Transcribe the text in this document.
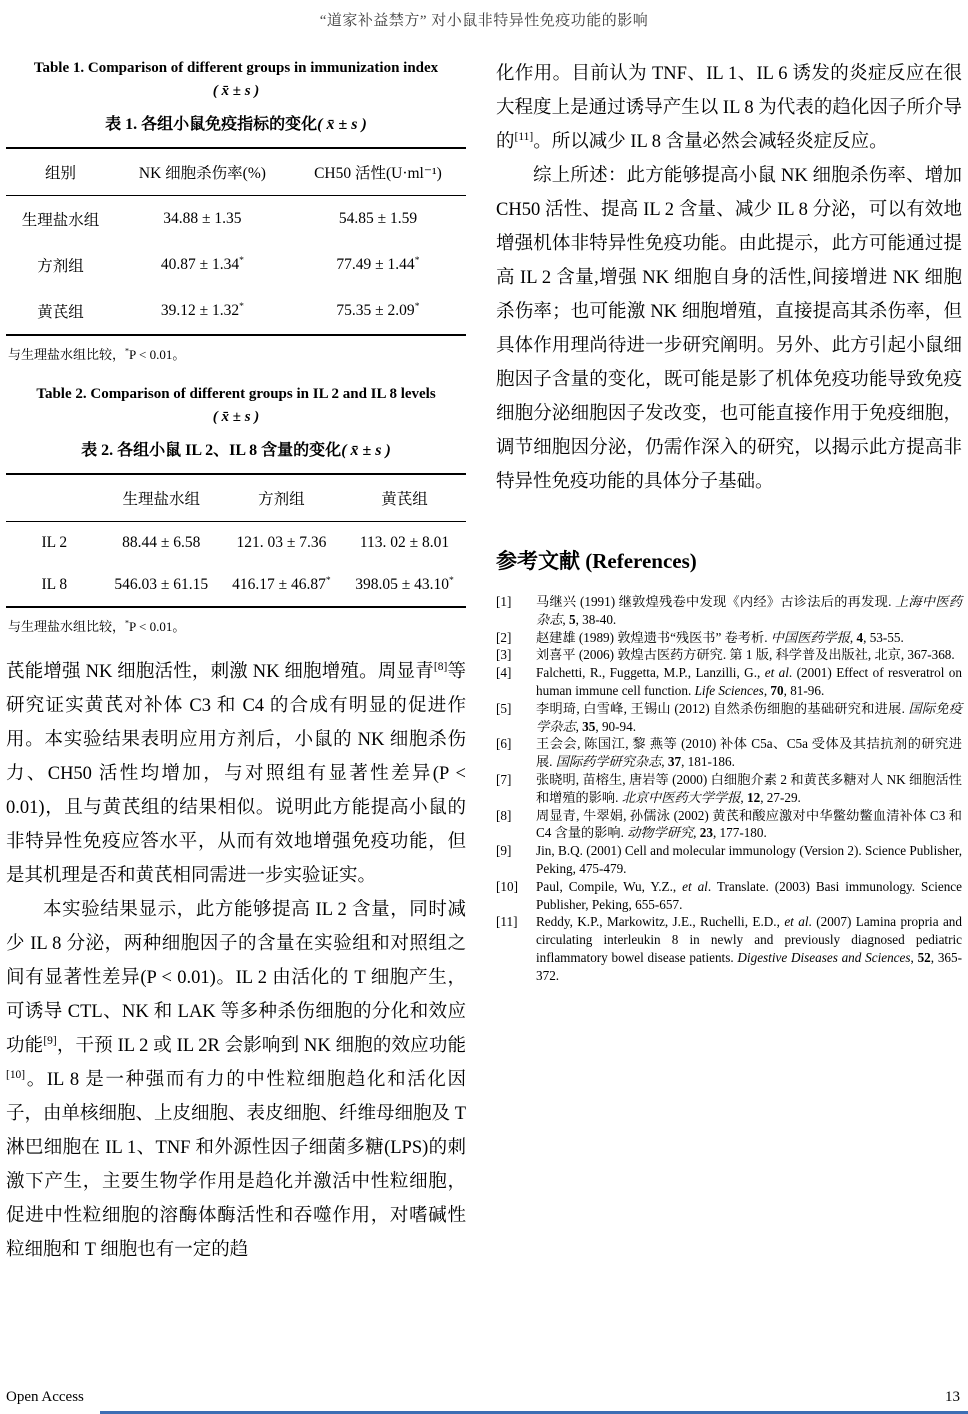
“道家补益禁方” 对小鼠非特异性免疫功能的影响
Table 1. Comparison of different groups in immunization index
( x̄ ± s )
表 1. 各组小鼠免疫指标的变化( x̄ ± s )
组别	NK 细胞杀伤率(%)	CH50 活性(U·ml⁻¹)
生理盐水组	34.88 ± 1.35	54.85 ± 1.59
方剂组	40.87 ± 1.34*	77.49 ± 1.44*
黄芪组	39.12 ± 1.32*	75.35 ± 2.09*
与生理盐水组比较，*P < 0.01。
Table 2. Comparison of different groups in IL 2 and IL 8 levels
( x̄ ± s )
表 2. 各组小鼠 IL 2、IL 8 含量的变化( x̄ ± s )
	生理盐水组	方剂组	黄芪组
IL 2	88.44 ± 6.58	121. 03 ± 7.36	113. 02 ± 8.01
IL 8	546.03 ± 61.15	416.17 ± 46.87*	398.05 ± 43.10*
与生理盐水组比较，*P < 0.01。

芪能增强 NK 细胞活性，刺激 NK 细胞增殖。周显青[8]等研究证实黄芪对补体 C3 和 C4 的合成有明显的促进作用。本实验结果表明应用方剂后，小鼠的 NK 细胞杀伤力、CH50 活性均增加，与对照组有显著性差异(P < 0.01)，且与黄芪组的结果相似。说明此方能提高小鼠的非特异性免疫应答水平，从而有效地增强免疫功能，但是其机理是否和黄芪相同需进一步实验证实。

本实验结果显示，此方能够提高 IL 2 含量，同时减少 IL 8 分泌，两种细胞因子的含量在实验组和对照组之间有显著性差异(P < 0.01)。IL 2 由活化的 T 细胞产生，可诱导 CTL、NK 和 LAK 等多种杀伤细胞的分化和效应功能[9]，干预 IL 2 或 IL 2R 会影响到 NK 细胞的效应功能[10]。IL 8 是一种强而有力的中性粒细胞趋化和活化因子，由单核细胞、上皮细胞、表皮细胞、纤维母细胞及 T 淋巴细胞在 IL 1、TNF 和外源性因子细菌多糖(LPS)的刺激下产生，主要生物学作用是趋化并激活中性粒细胞，促进中性粒细胞的溶酶体酶活性和吞噬作用，对嗜碱性粒细胞和 T 细胞也有一定的趋

化作用。目前认为 TNF、IL 1、IL 6 诱发的炎症反应在很大程度上是通过诱导产生以 IL 8 为代表的趋化因子所介导的[11]。所以减少 IL 8 含量必然会减轻炎症反应。

综上所述：此方能够提高小鼠 NK 细胞杀伤率、增加 CH50 活性、提高 IL 2 含量、减少 IL 8 分泌，可以有效地增强机体非特异性免疫功能。由此提示，此方可能通过提高 IL 2 含量,增强 NK 细胞自身的活性,间接增进 NK 细胞杀伤率；也可能激 NK 细胞增殖，直接提高其杀伤率，但具体作用理尚待进一步研究阐明。另外、此方引起小鼠细胞因子含量的变化，既可能是影了机体免疫功能导致免疫细胞分泌细胞因子发改变，也可能直接作用于免疫细胞，调节细胞因分泌，仍需作深入的研究，以揭示此方提高非特异性免疫功能的具体分子基础。

参考文献 (References)
[1]	马继兴 (1991) 继敦煌残卷中发现《内经》古诊法后的再发现. 上海中医药杂志, 5, 38-40.
[2]	赵建雄 (1989) 敦煌遗书“残医书” 卷考析. 中国医药学报, 4, 53-55.
[3]	刘喜平 (2006) 敦煌古医药方研究. 第 1 版, 科学普及出版社, 北京, 367-368.
[4]	Falchetti, R., Fuggetta, M.P., Lanzilli, G., et al. (2001) Effect of resveratrol on human immune cell function. Life Sciences, 70, 81-96.
[5]	李明琦, 白雪峰, 王锡山 (2012) 自然杀伤细胞的基础研究和进展. 国际免疫学杂志, 35, 90-94.
[6]	王会会, 陈国江, 黎 燕等 (2010) 补体 C5a、C5a 受体及其拮抗剂的研究进展. 国际药学研究杂志, 37, 181-186.
[7]	张晓明, 苗榕生, 唐岩等 (2000) 白细胞介素 2 和黄芪多糖对人 NK 细胞活性和增殖的影响. 北京中医药大学学报, 12, 27-29.
[8]	周显青, 牛翠娟, 孙儒泳 (2002) 黄芪和酸应激对中华鳖幼鳖血清补体 C3 和 C4 含量的影响. 动物学研究, 23, 177-180.
[9]	Jin, B.Q. (2001) Cell and molecular immunology (Version 2). Science Publisher, Peking, 475-479.
[10]	Paul, Compile, Wu, Y.Z., et al. Translate. (2003) Basi immunology. Science Publisher, Peking, 655-657.
[11]	Reddy, K.P., Markowitz, J.E., Ruchelli, E.D., et al. (2007) Lamina propria and circulating interleukin 8 in newly and previously diagnosed pediatric inflammatory bowel disease patients. Digestive Diseases and Sciences, 52, 365-372.
Open Access	13
